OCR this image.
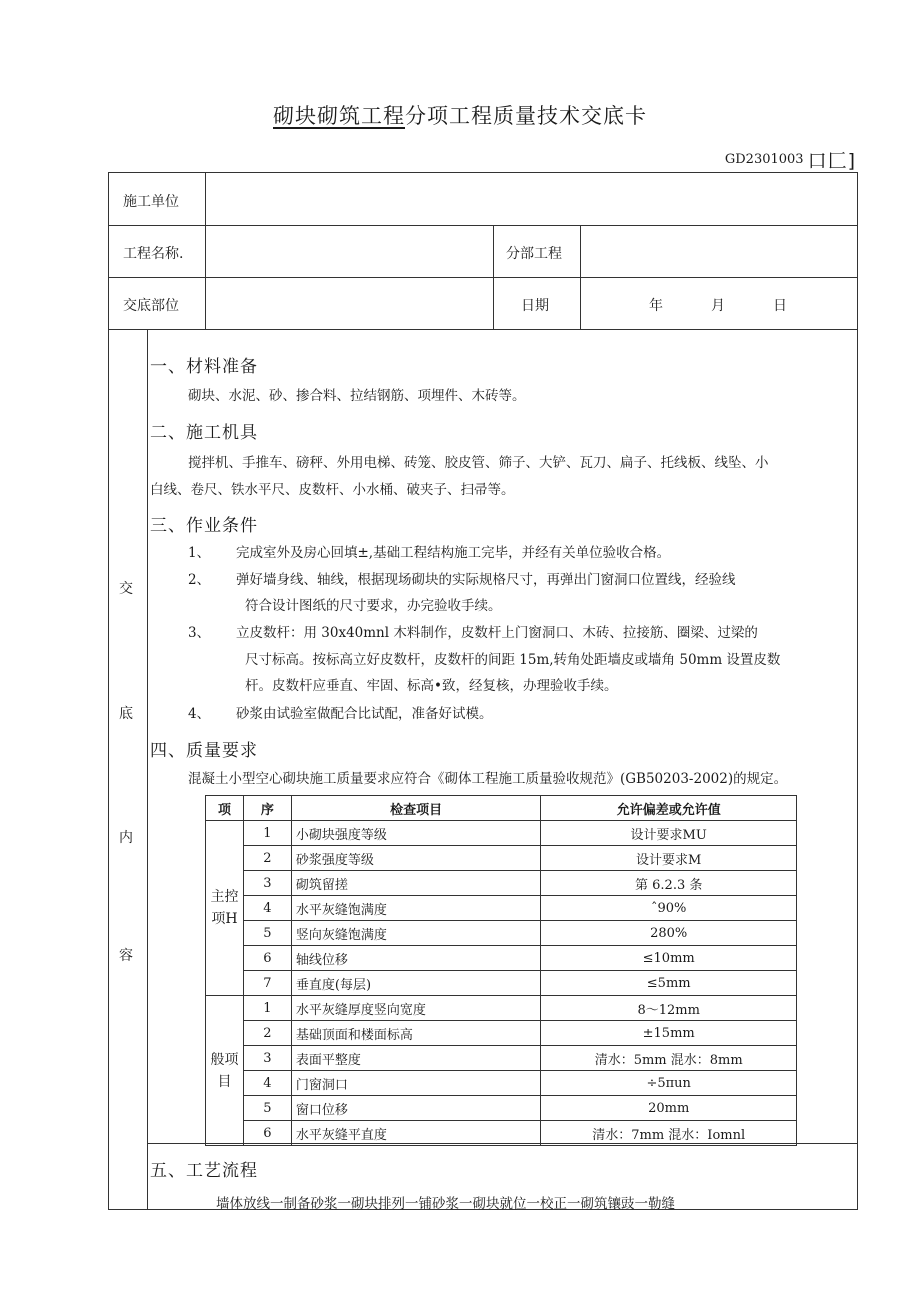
砌块砌筑工程分项工程质量技术交底卡
GD2301003 口匚]
施工单位
工程名称.	分部工程
交底部位	日期	年	月	日
交
底
内
容
一、材料准备
砌块、水泥、砂、掺合料、拉结钢筋、项埋件、木砖等。
二、施工机具
搅拌机、手推车、磅秤、外用电梯、砖笼、胶皮管、筛子、大铲、瓦刀、扁子、托线板、线坠、小
白线、卷尺、铁水平尺、皮数杆、小水桶、破夹子、扫帚等。
三、作业条件
1、 完成室外及房心回填±,基础工程结构施工完毕，并经有关单位验收合格。
2、 弹好墙身线、轴线，根据现场砌块的实际规格尺寸，再弹出门窗洞口位置线，经验线
符合设计图纸的尺寸要求，办完验收手续。
3、 立皮数杆：用 30x40mnl 木料制作，皮数杆上门窗洞口、木砖、拉接筋、圈梁、过梁的
尺寸标高。按标高立好皮数杆，皮数杆的间距 15m,转角处距墙皮或墙角 50mm 设置皮数
杆。皮数杆应垂直、牢固、标高•致，经复核，办理验收手续。
4、 砂浆由试验室做配合比试配，准备好试模。
四、质量要求
混凝土小型空心砌块施工质量要求应符合《砌体工程施工质量验收规范》(GB50203-2002)的规定。
项	序	检查项目	允许偏差或允许值
主控
项H	1	小砌块强度等级	设计要求MU
	2	砂浆强度等级	设计要求M
	3	砌筑留搓	第 6.2.3 条
	4	水平灰缝饱满度	ˆ90%
	5	竖向灰缝饱满度	280%
	6	轴线位移	≤10mm
	7	垂直度(每层)	≤5mm
般项
目	1	水平灰缝厚度竖向宽度	8～12mm
	2	基础顶面和楼面标高	±15mm
	3	表面平整度	清水：5mm 混水：8mm
	4	门窗洞口	÷5πun
	5	窗口位移	20mm
	6	水平灰缝平直度	清水：7mm 混水：Iomnl
五、工艺流程
墙体放线一制备砂浆一砌块排列一铺砂浆一砌块就位一校正一砌筑镶豉一勒缝
